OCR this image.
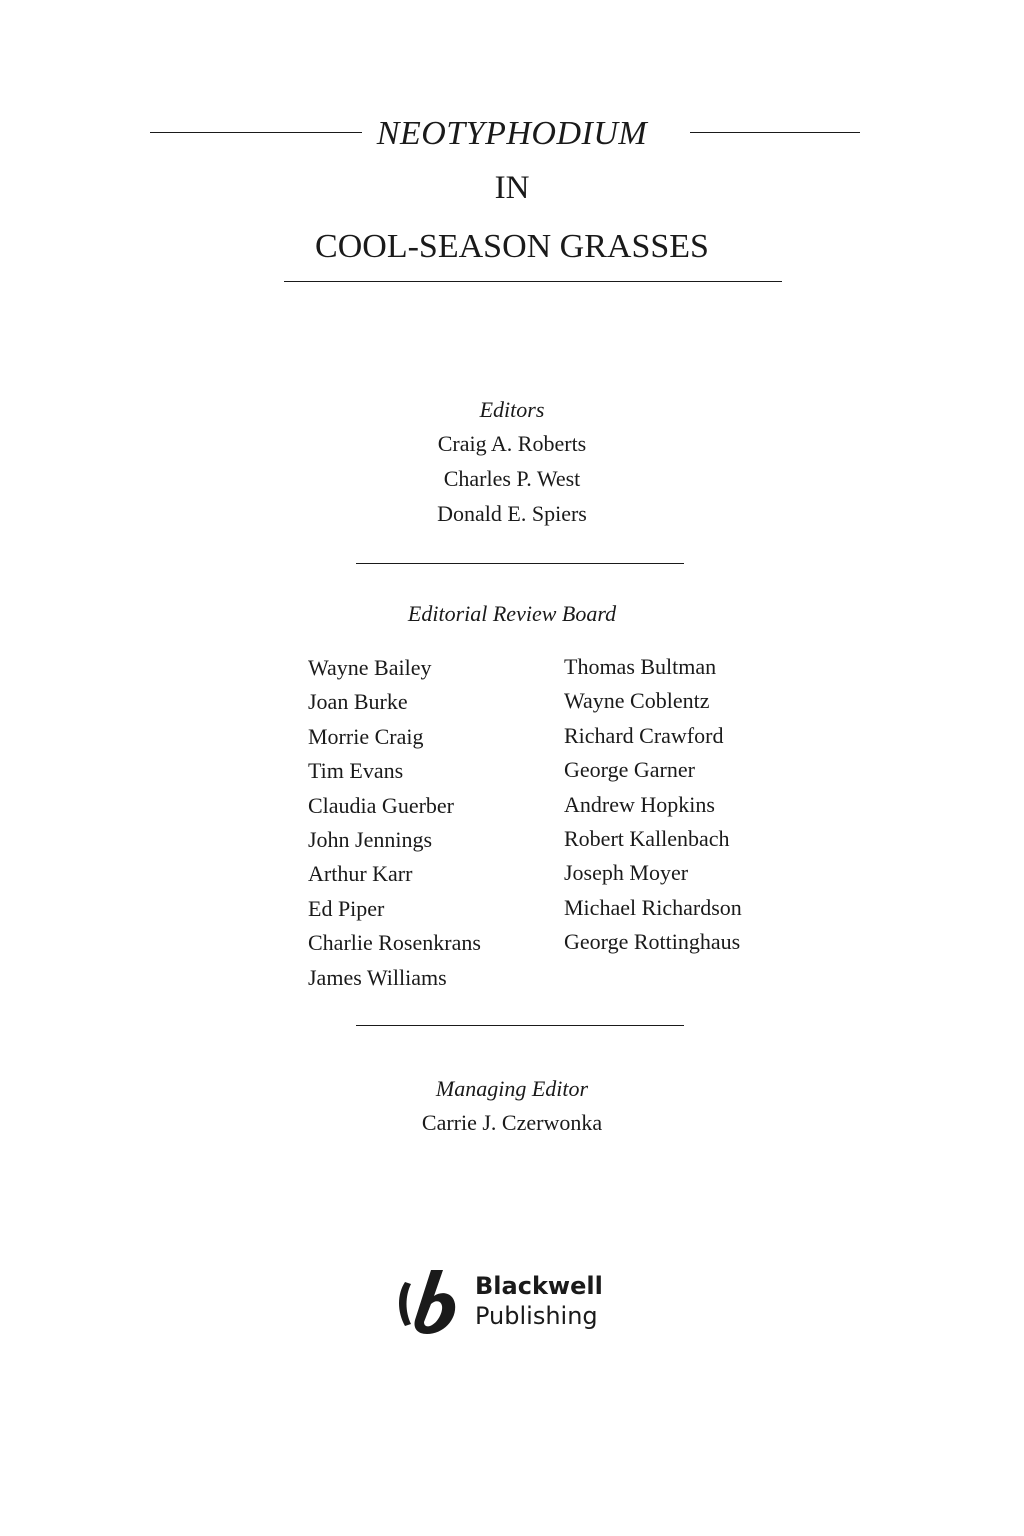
NEOTYPHODIUM
IN
COOL-SEASON GRASSES
Editors
Craig A. Roberts
Charles P. West
Donald E. Spiers
Editorial Review Board
Wayne Bailey
Joan Burke
Morrie Craig
Tim Evans
Claudia Guerber
John Jennings
Arthur Karr
Ed Piper
Charlie Rosenkrans
James Williams
Thomas Bultman
Wayne Coblentz
Richard Crawford
George Garner
Andrew Hopkins
Robert Kallenbach
Joseph Moyer
Michael Richardson
George Rottinghaus
Managing Editor
Carrie J. Czerwonka
Blackwell
Publishing
